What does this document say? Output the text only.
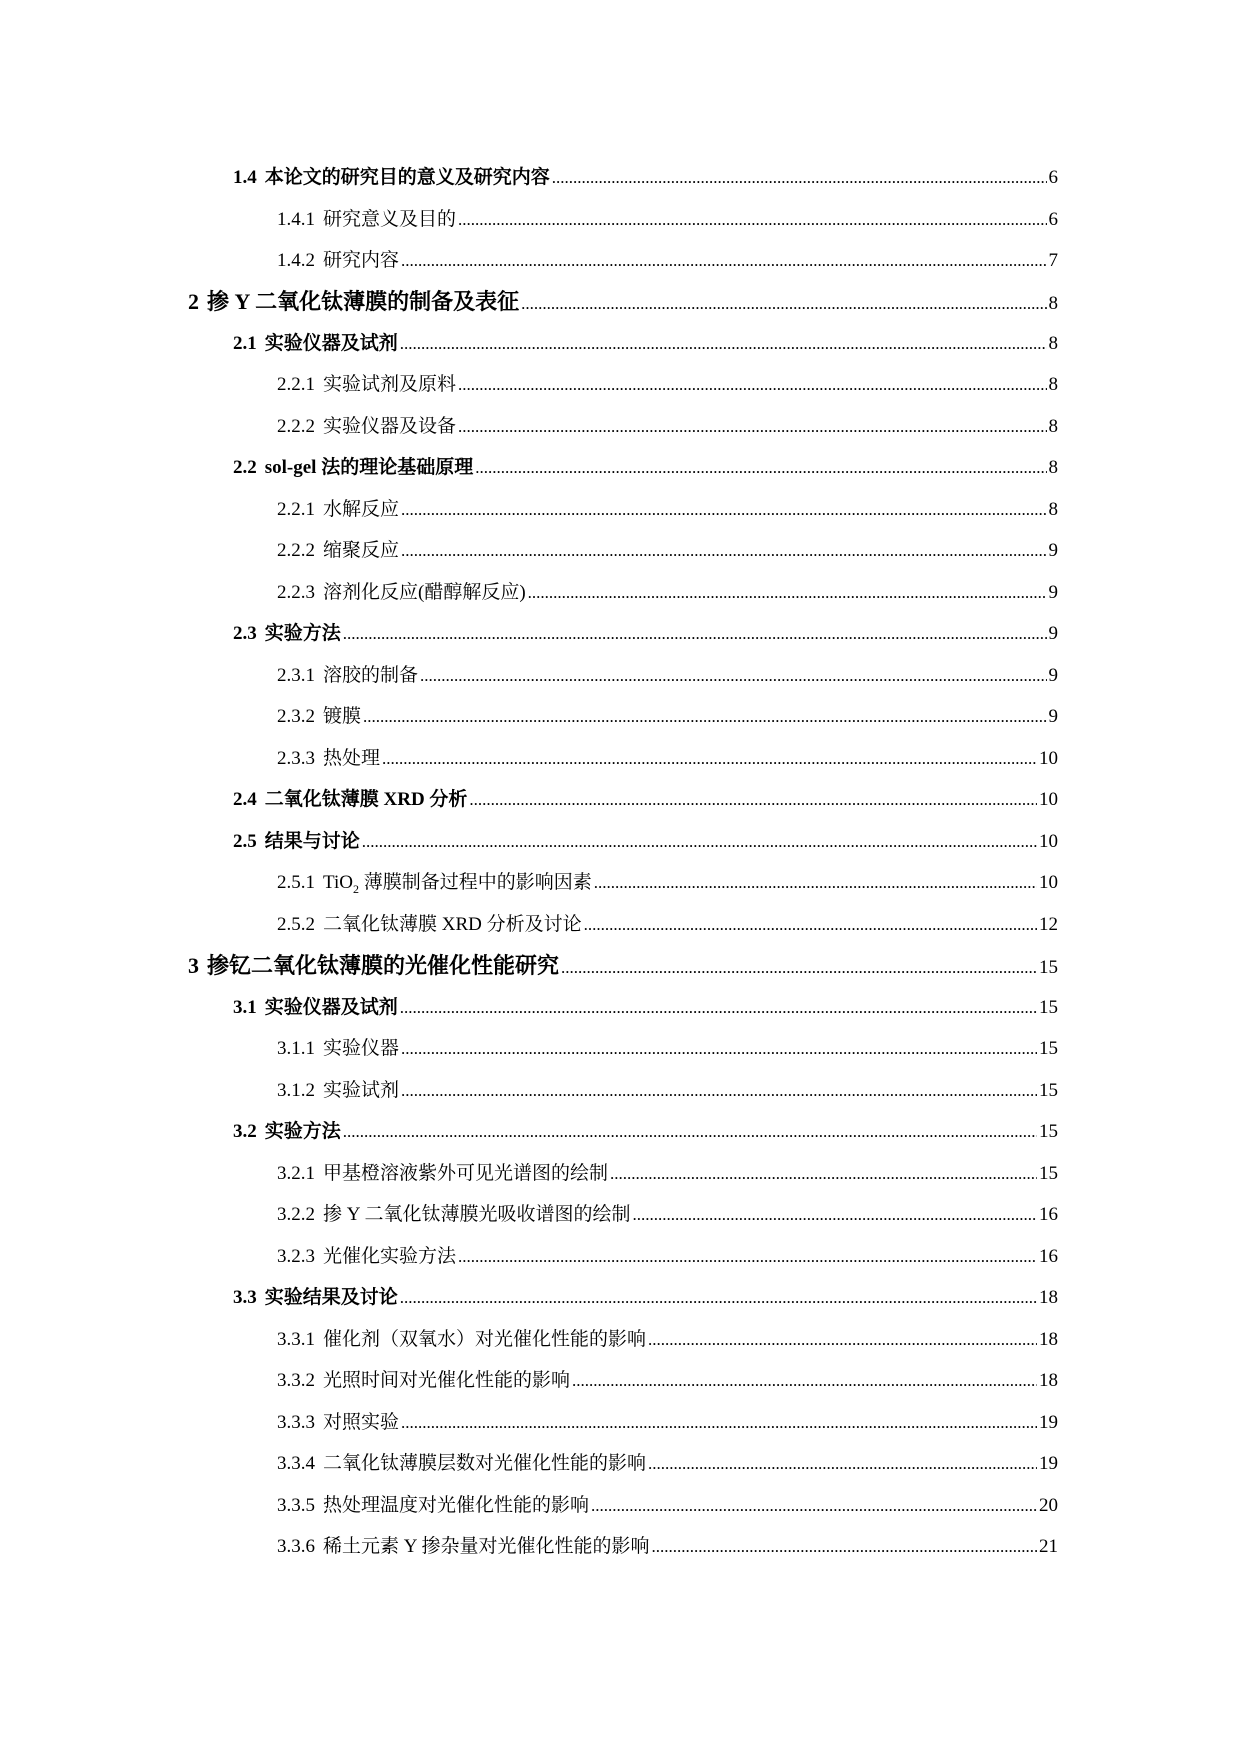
1.4 本论文的研究目的意义及研究内容 .....	6
1.4.1 研究意义及目的 .....	6
1.4.2 研究内容 .....	7
2 掺 Y 二氧化钛薄膜的制备及表征 .....	8
2.1 实验仪器及试剂 .....	8
2.2.1 实验试剂及原料 .....	8
2.2.2 实验仪器及设备 .....	8
2.2 sol-gel 法的理论基础原理 .....	8
2.2.1 水解反应 .....	8
2.2.2 缩聚反应 .....	9
2.2.3 溶剂化反应(醋醇解反应) .....	9
2.3 实验方法 .....	9
2.3.1 溶胶的制备 .....	9
2.3.2 镀膜 .....	9
2.3.3 热处理 .....	10
2.4 二氧化钛薄膜 XRD 分析 .....	10
2.5 结果与讨论 .....	10
2.5.1 TiO$_2$ 薄膜制备过程中的影响因素 .....	10
2.5.2 二氧化钛薄膜 XRD 分析及讨论 .....	12
3 掺钇二氧化钛薄膜的光催化性能研究 .....	15
3.1 实验仪器及试剂 .....	15
3.1.1 实验仪器 .....	15
3.1.2 实验试剂 .....	15
3.2 实验方法 .....	15
3.2.1 甲基橙溶液紫外可见光谱图的绘制 .....	15
3.2.2 掺 Y 二氧化钛薄膜光吸收谱图的绘制 .....	16
3.2.3 光催化实验方法 .....	16
3.3 实验结果及讨论 .....	18
3.3.1 催化剂（双氧水）对光催化性能的影响 .....	18
3.3.2 光照时间对光催化性能的影响 .....	18
3.3.3 对照实验 .....	19
3.3.4 二氧化钛薄膜层数对光催化性能的影响 .....	19
3.3.5 热处理温度对光催化性能的影响 .....	20
3.3.6 稀土元素 Y 掺杂量对光催化性能的影响 .....	21
